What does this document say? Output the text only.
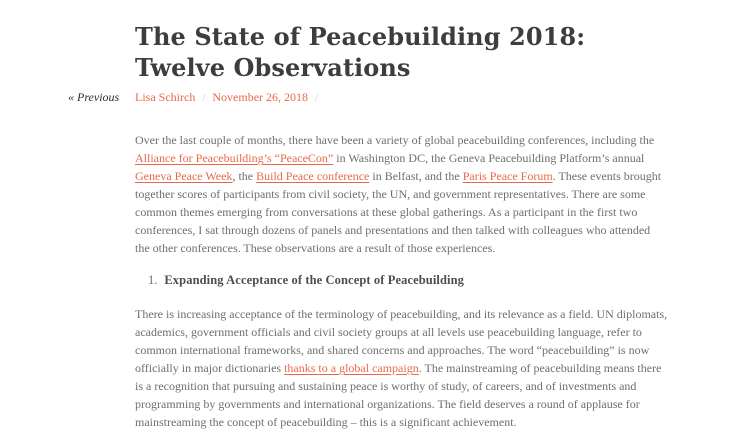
« Previous
The State of Peacebuilding 2018:
Twelve Observations
Lisa Schirch / November 26, 2018 /

Over the last couple of months, there have been a variety of global peacebuilding conferences, including the
Alliance for Peacebuilding’s “PeaceCon” in Washington DC, the Geneva Peacebuilding Platform’s annual
Geneva Peace Week, the Build Peace conference in Belfast, and the Paris Peace Forum. These events brought
together scores of participants from civil society, the UN, and government representatives. There are some
common themes emerging from conversations at these global gatherings. As a participant in the first two
conferences, I sat through dozens of panels and presentations and then talked with colleagues who attended
the other conferences. These observations are a result of those experiences.

1. Expanding Acceptance of the Concept of Peacebuilding

There is increasing acceptance of the terminology of peacebuilding, and its relevance as a field. UN diplomats,
academics, government officials and civil society groups at all levels use peacebuilding language, refer to
common international frameworks, and shared concerns and approaches. The word “peacebuilding” is now
officially in major dictionaries thanks to a global campaign. The mainstreaming of peacebuilding means there
is a recognition that pursuing and sustaining peace is worthy of study, of careers, and of investments and
programming by governments and international organizations. The field deserves a round of applause for
mainstreaming the concept of peacebuilding – this is a significant achievement.
